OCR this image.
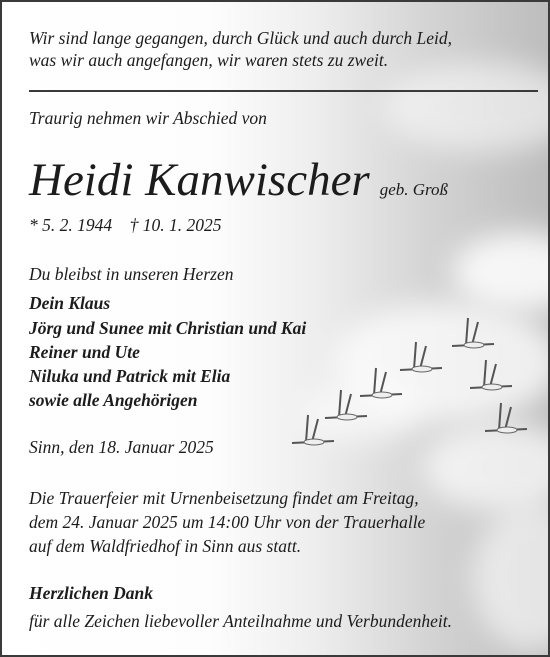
Wir sind lange gegangen, durch Glück und auch durch Leid,

was wir auch angefangen, wir waren stets zu zweit.

Traurig nehmen wir Abschied von

Heidi Kanwischer geb. Groß

* 5. 2. 1944    † 10. 1. 2025

Du bleibst in unseren Herzen

Dein Klaus

Jörg und Sunee mit Christian und Kai

Reiner und Ute

Niluka und Patrick mit Elia

sowie alle Angehörigen

Sinn, den 18. Januar 2025

Die Trauerfeier mit Urnenbeisetzung findet am Freitag,

dem 24. Januar 2025 um 14:00 Uhr von der Trauerhalle

auf dem Waldfriedhof in Sinn aus statt.

Herzlichen Dank

für alle Zeichen liebevoller Anteilnahme und Verbundenheit.
